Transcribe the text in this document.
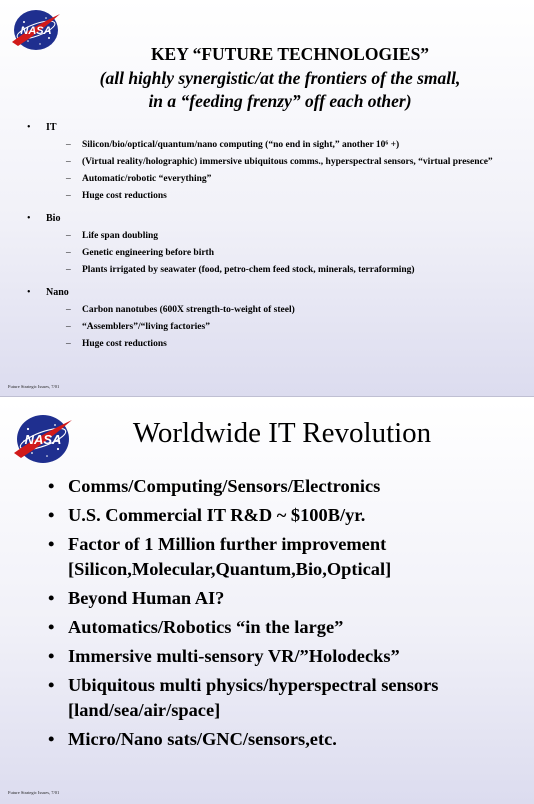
NASA
KEY “FUTURE TECHNOLOGIES”
(all highly synergistic/at the frontiers of the small,
in a “feeding frenzy” off each other)
• IT
– Silicon/bio/optical/quantum/nano computing (“no end in sight,” another 10⁶ +)
– (Virtual reality/holographic) immersive ubiquitous comms., hyperspectral sensors, “virtual presence”
– Automatic/robotic “everything”
– Huge cost reductions
• Bio
– Life span doubling
– Genetic engineering before birth
– Plants irrigated by seawater (food, petro-chem feed stock, minerals, terraforming)
• Nano
– Carbon nanotubes (600X strength-to-weight of steel)
– “Assemblers”/“living factories”
– Huge cost reductions
Future Strategic Issues, 7/01
NASA	Worldwide IT Revolution
• Comms/Computing/Sensors/Electronics
• U.S. Commercial IT R&D ~ $100B/yr.
• Factor of 1 Million further improvement [Silicon,Molecular,Quantum,Bio,Optical]
• Beyond Human AI?
• Automatics/Robotics “in the large”
• Immersive multi-sensory VR/”Holodecks”
• Ubiquitous multi physics/hyperspectral sensors [land/sea/air/space]
• Micro/Nano sats/GNC/sensors,etc.
Future Strategic Issues, 7/01
